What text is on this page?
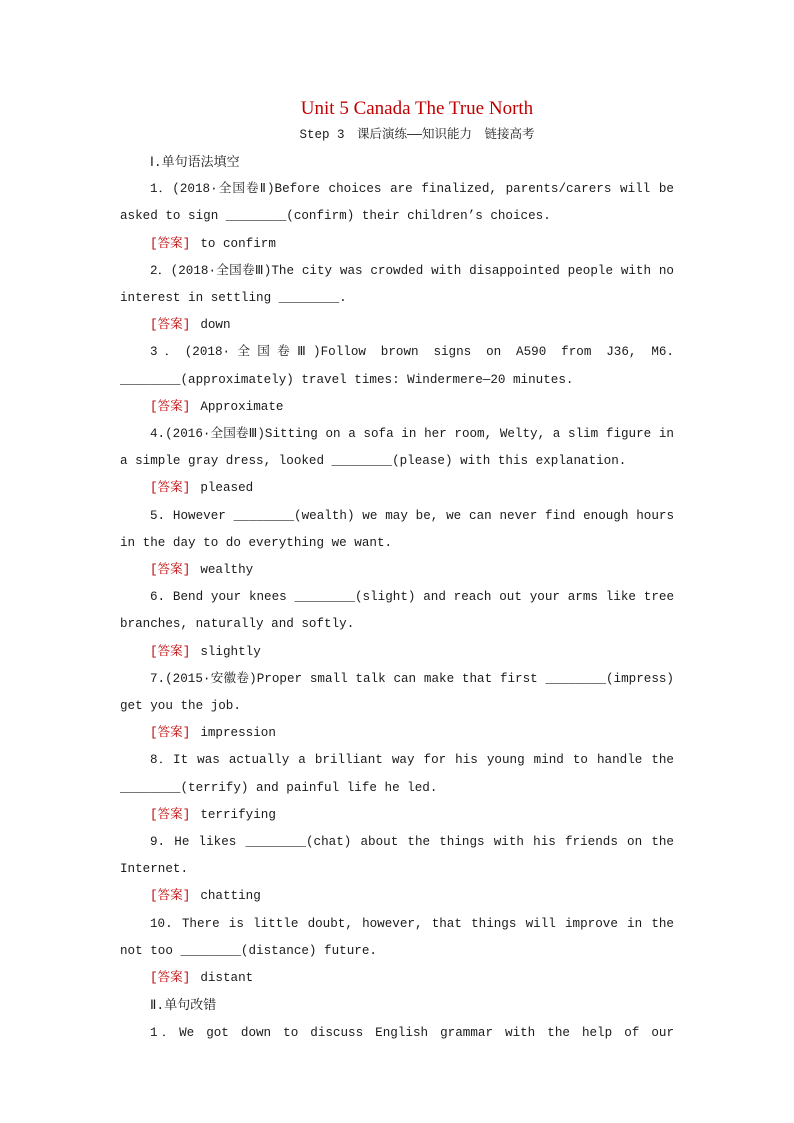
Unit 5 Canada The True North

Step 3　课后演练——知识能力　链接高考

Ⅰ.单句语法填空

1．(2018·全国卷Ⅱ)Before choices are finalized, parents/carers will be asked to sign ________(confirm) their children’s choices.

[答案] to confirm

2．(2018·全国卷Ⅲ)The city was crowded with disappointed people with no interest in settling ________.

[答案] down

3．(2018·全国卷Ⅲ)Follow brown signs on A590 from J36, M6. ________(approximately) travel times: Windermere—20 minutes.

[答案] Approximate

4.(2016·全国卷Ⅲ)Sitting on a sofa in her room, Welty, a slim figure in a simple gray dress, looked ________(please) with this explanation.

[答案] pleased

5. However ________(wealth) we may be, we can never find enough hours in the day to do everything we want.

[答案] wealthy

6. Bend your knees ________(slight) and reach out your arms like tree branches, naturally and softly.

[答案] slightly

7.(2015·安徽卷)Proper small talk can make that first ________(impress) get you the job.

[答案] impression

8．It was actually a brilliant way for his young mind to handle the ________(terrify) and painful life he led.

[答案] terrifying

9. He likes ________(chat) about the things with his friends on the Internet.

[答案] chatting

10. There is little doubt, however, that things will improve in the not too ________(distance) future.

[答案] distant

Ⅱ.单句改错

1．We got down to discuss English grammar with the help of our
